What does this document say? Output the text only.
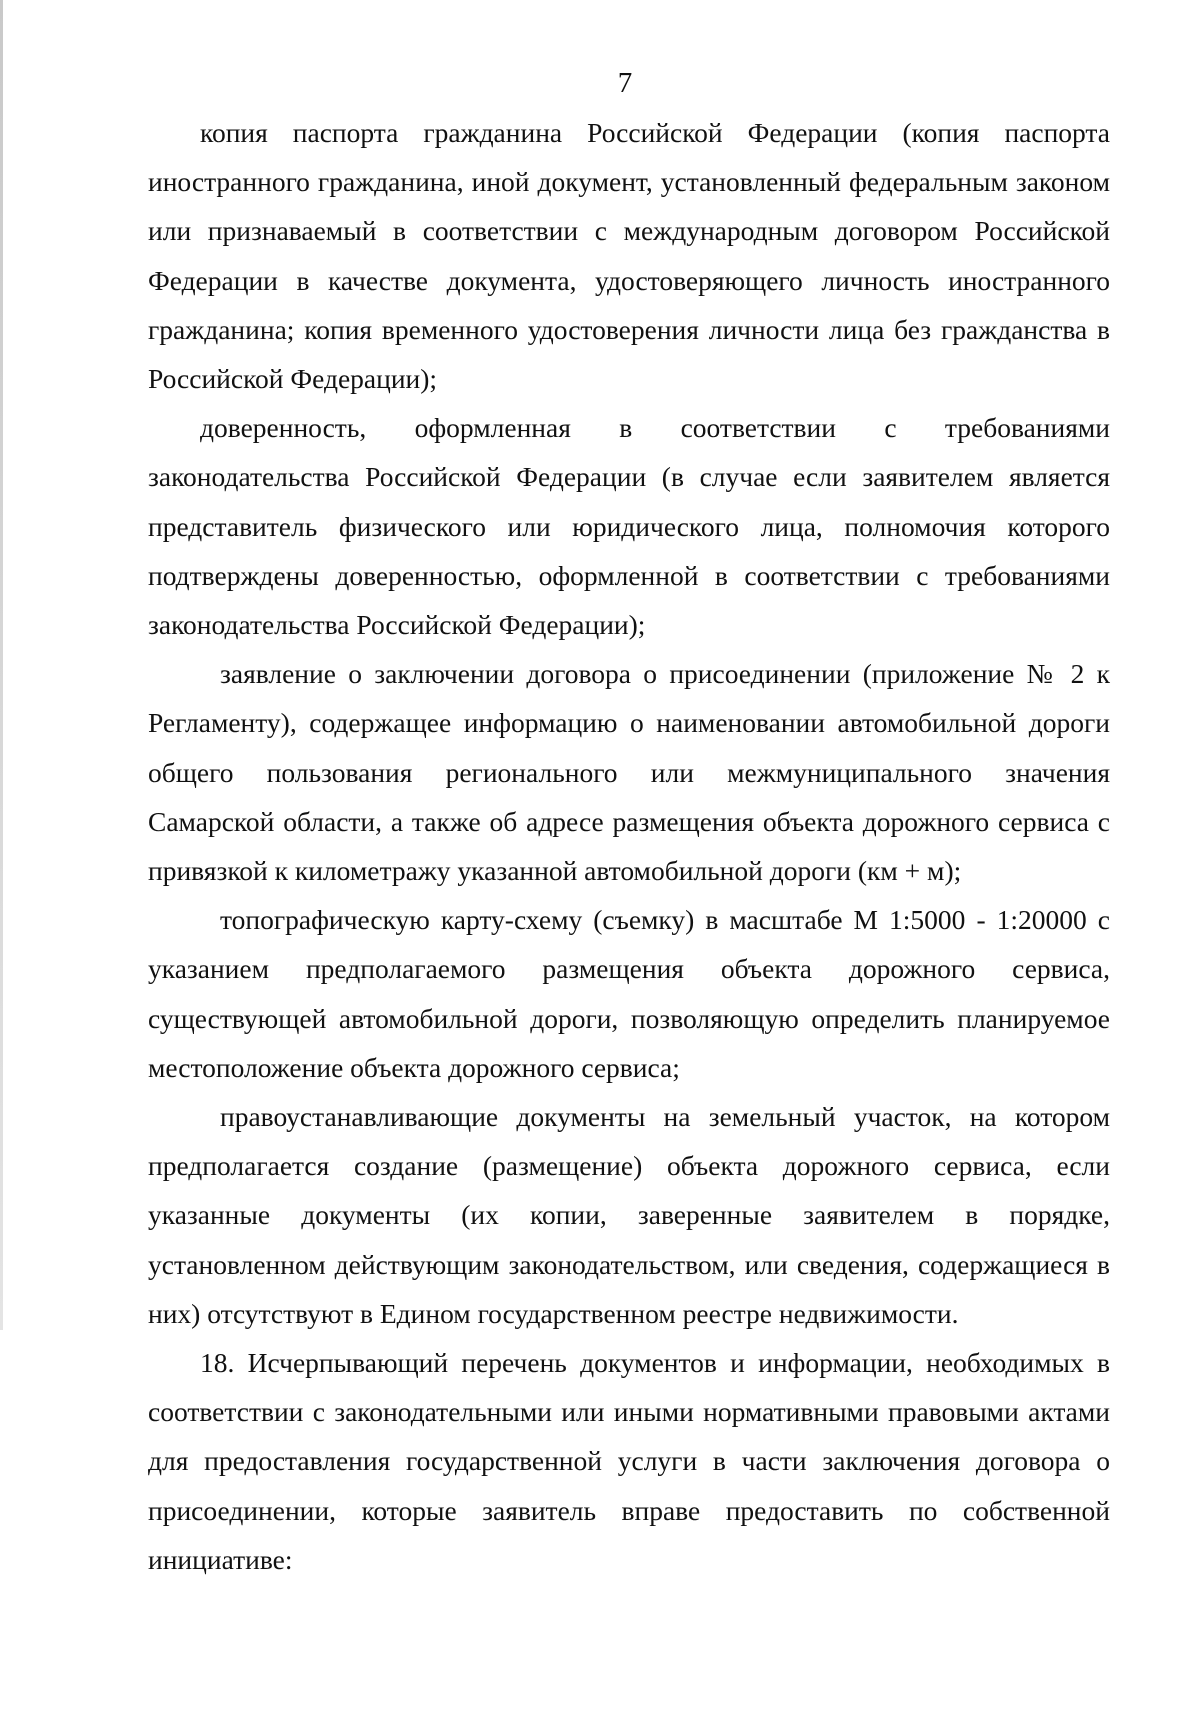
7

копия паспорта гражданина Российской Федерации (копия паспорта иностранного гражданина, иной документ, установленный федеральным законом или признаваемый в соответствии с международным договором Российской Федерации в качестве документа, удостоверяющего личность иностранного гражданина; копия временного удостоверения личности лица без гражданства в Российской Федерации);

доверенность, оформленная в соответствии с требованиями законодательства Российской Федерации (в случае если заявителем является представитель физического или юридического лица, полномочия которого подтверждены доверенностью, оформленной в соответствии с требованиями законодательства Российской Федерации);

заявление о заключении договора о присоединении (приложение № 2 к Регламенту), содержащее информацию о наименовании автомобильной дороги общего пользования регионального или межмуниципального значения Самарской области, а также об адресе размещения объекта дорожного сервиса с привязкой к километражу указанной автомобильной дороги (км + м);

топографическую карту-схему (съемку) в масштабе М 1:5000 - 1:20000 с указанием предполагаемого размещения объекта дорожного сервиса, существующей автомобильной дороги, позволяющую определить планируемое местоположение объекта дорожного сервиса;

правоустанавливающие документы на земельный участок, на котором предполагается создание (размещение) объекта дорожного сервиса, если указанные документы (их копии, заверенные заявителем в порядке, установленном действующим законодательством, или сведения, содержащиеся в них) отсутствуют в Едином государственном реестре недвижимости.

18. Исчерпывающий перечень документов и информации, необходимых в соответствии с законодательными или иными нормативными правовыми актами для предоставления государственной услуги в части заключения договора о присоединении, которые заявитель вправе предоставить по собственной инициативе:
